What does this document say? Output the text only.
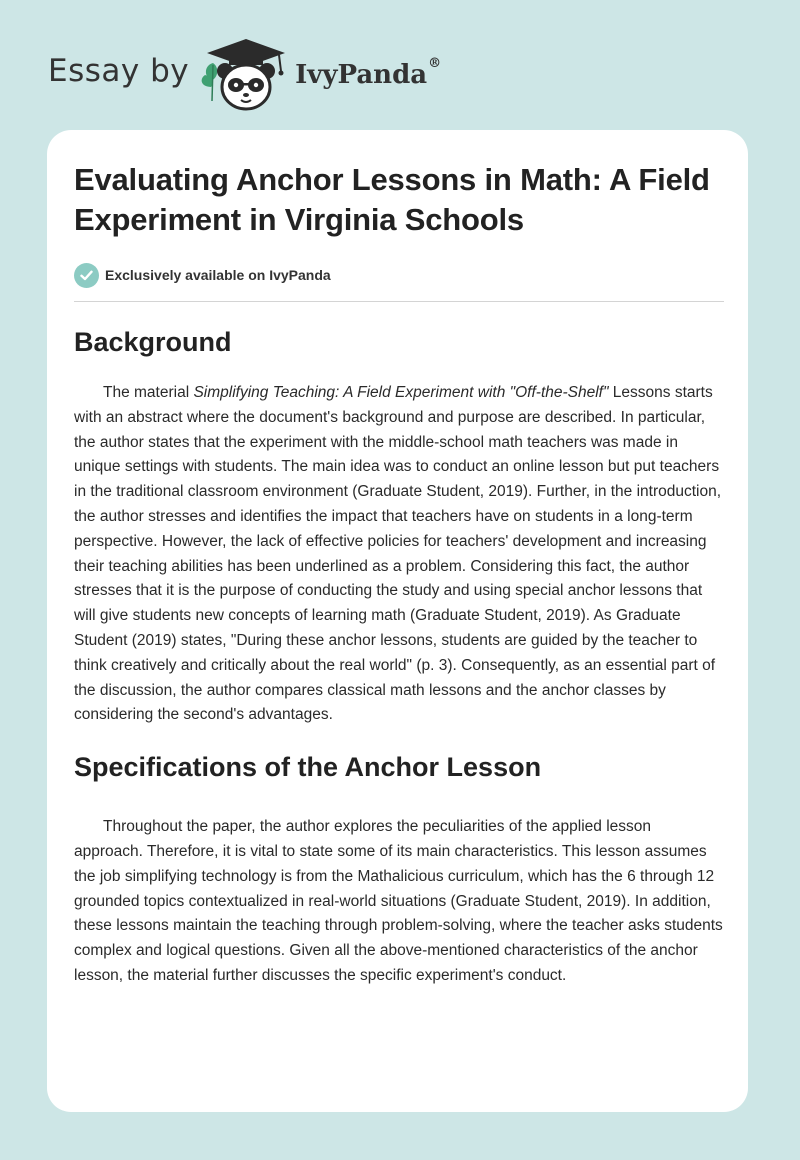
Essay by	IvyPanda®
Evaluating Anchor Lessons in Math: A Field Experiment in Virginia Schools
Exclusively available on IvyPanda
Background

The material Simplifying Teaching: A Field Experiment with "Off-the-Shelf" Lessons starts with an abstract where the document's background and purpose are described. In particular, the author states that the experiment with the middle-school math teachers was made in unique settings with students. The main idea was to conduct an online lesson but put teachers in the traditional classroom environment (Graduate Student, 2019). Further, in the introduction, the author stresses and identifies the impact that teachers have on students in a long-term perspective. However, the lack of effective policies for teachers' development and increasing their teaching abilities has been underlined as a problem. Considering this fact, the author stresses that it is the purpose of conducting the study and using special anchor lessons that will give students new concepts of learning math (Graduate Student, 2019). As Graduate Student (2019) states, "During these anchor lessons, students are guided by the teacher to think creatively and critically about the real world" (p. 3). Consequently, as an essential part of the discussion, the author compares classical math lessons and the anchor classes by considering the second's advantages.

Specifications of the Anchor Lesson

Throughout the paper, the author explores the peculiarities of the applied lesson approach. Therefore, it is vital to state some of its main characteristics. This lesson assumes the job simplifying technology is from the Mathalicious curriculum, which has the 6 through 12 grounded topics contextualized in real-world situations (Graduate Student, 2019). In addition, these lessons maintain the teaching through problem-solving, where the teacher asks students complex and logical questions. Given all the above-mentioned characteristics of the anchor lesson, the material further discusses the specific experiment's conduct.
